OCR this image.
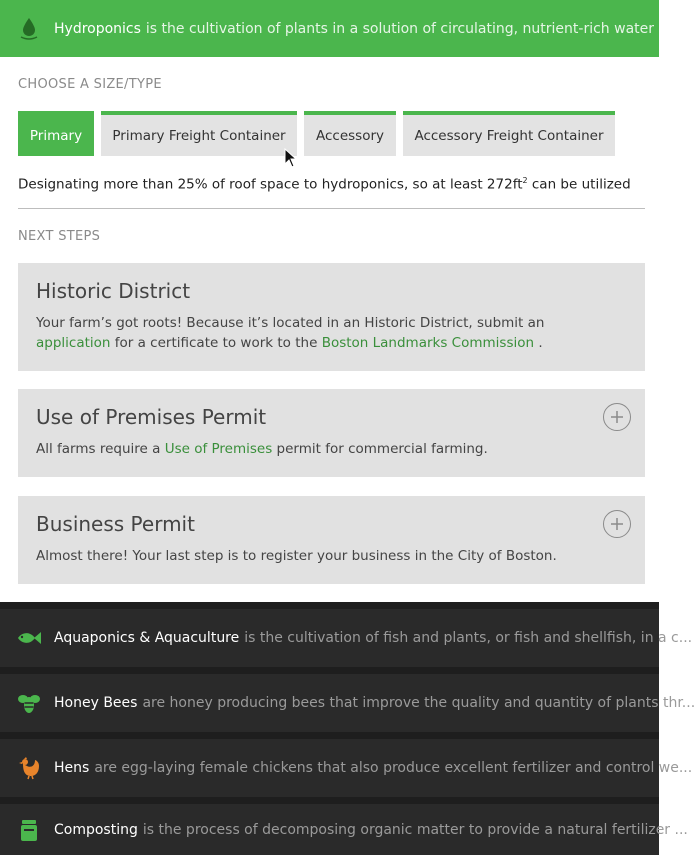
Hydroponics is the cultivation of plants in a solution of circulating, nutrient-rich water
CHOOSE A SIZE/TYPE
Primary	Primary Freight Container	Accessory	Accessory Freight Container
Designating more than 25% of roof space to hydroponics, so at least $272ft^2$ can be utilized
NEXT STEPS
Historic District

Your farm’s got roots! Because it’s located in an Historic District, submit an
application for a certificate to work to the Boston Landmarks Commission .

Use of Premises Permit

All farms require a Use of Premises permit for commercial farming.

Business Permit

Almost there! Your last step is to register your business in the City of Boston.

Aquaponics & Aquaculture is the cultivation of fish and plants, or fish and shellfish, in a c...
Honey Bees are honey producing bees that improve the quality and quantity of plants thr...
Hens are egg-laying female chickens that also produce excellent fertilizer and control we...
Composting is the process of decomposing organic matter to provide a natural fertilizer ...
